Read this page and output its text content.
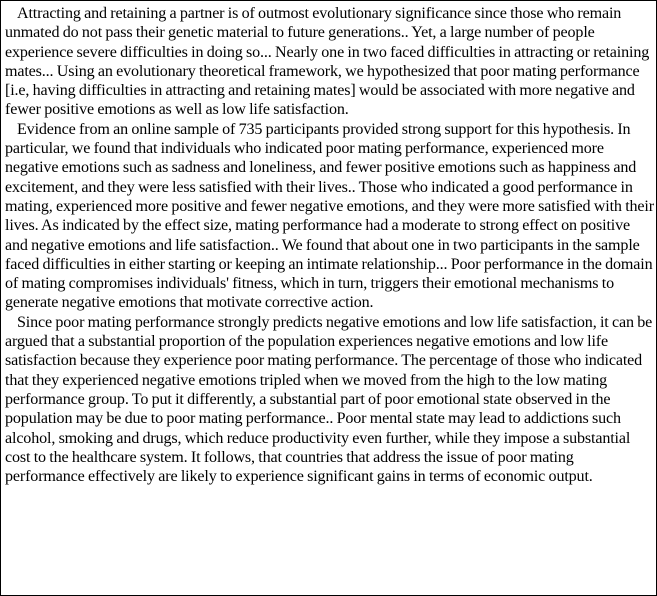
Attracting and retaining a partner is of outmost evolutionary significance since those who remain unmated do not pass their genetic material to future generations.. Yet, a large number of people experience severe difficulties in doing so... Nearly one in two faced difficulties in attracting or retaining mates... Using an evolutionary theoretical framework, we hypothesized that poor mating performance [i.e, having difficulties in attracting and retaining mates] would be associated with more negative and fewer positive emotions as well as low life satisfaction.

Evidence from an online sample of 735 participants provided strong support for this hypothesis. In particular, we found that individuals who indicated poor mating performance, experienced more negative emotions such as sadness and loneliness, and fewer positive emotions such as happiness and excitement, and they were less satisfied with their lives.. Those who indicated a good performance in mating, experienced more positive and fewer negative emotions, and they were more satisfied with their lives. As indicated by the effect size, mating performance had a moderate to strong effect on positive and negative emotions and life satisfaction.. We found that about one in two participants in the sample faced difficulties in either starting or keeping an intimate relationship... Poor performance in the domain of mating compromises individuals' fitness, which in turn, triggers their emotional mechanisms to generate negative emotions that motivate corrective action.

Since poor mating performance strongly predicts negative emotions and low life satisfaction, it can be argued that a substantial proportion of the population experiences negative emotions and low life satisfaction because they experience poor mating performance. The percentage of those who indicated that they experienced negative emotions tripled when we moved from the high to the low mating performance group. To put it differently, a substantial part of poor emotional state observed in the population may be due to poor mating performance.. Poor mental state may lead to addictions such alcohol, smoking and drugs, which reduce productivity even further, while they impose a substantial cost to the healthcare system. It follows, that countries that address the issue of poor mating performance effectively are likely to experience significant gains in terms of economic output.
